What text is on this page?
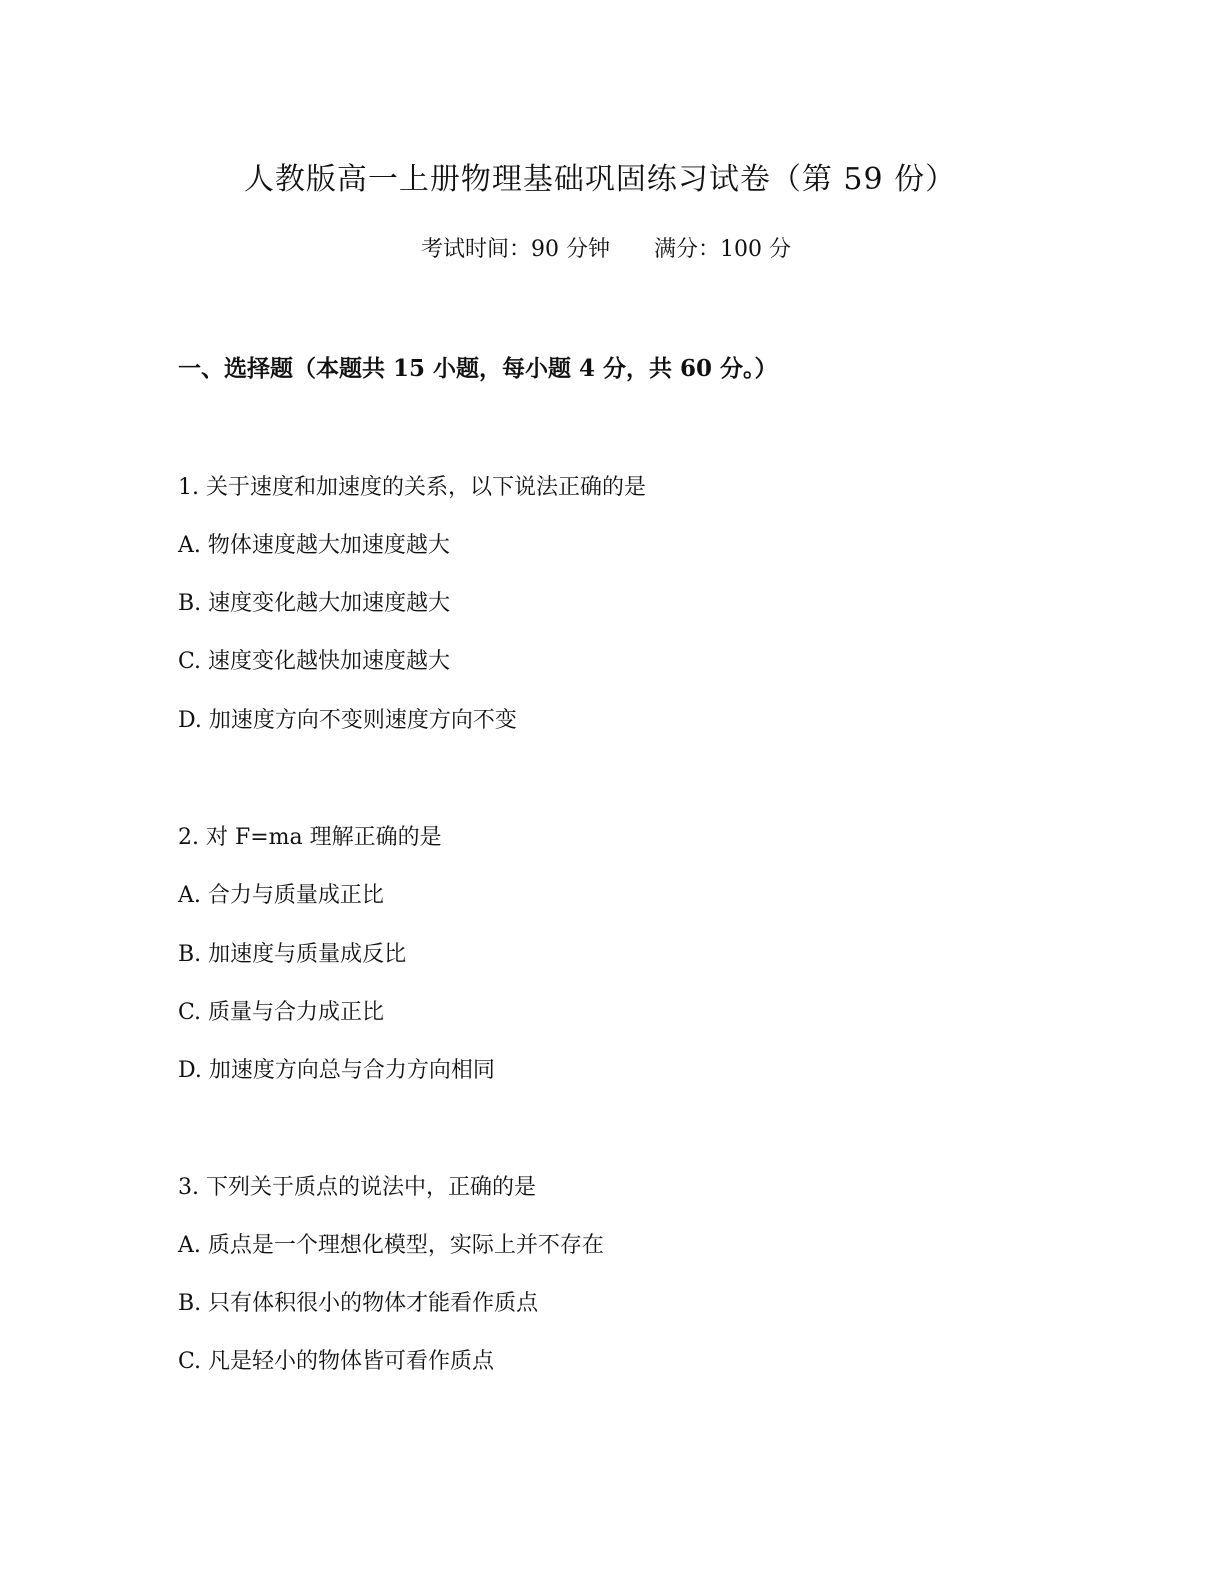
人教版高一上册物理基础巩固练习试卷（第 59 份）
考试时间：90 分钟 满分：100 分
一、选择题（本题共 15 小题，每小题 4 分，共 60 分。）
1. 关于速度和加速度的关系，以下说法正确的是
A. 物体速度越大加速度越大
B. 速度变化越大加速度越大
C. 速度变化越快加速度越大
D. 加速度方向不变则速度方向不变
2. 对 F=ma 理解正确的是
A. 合力与质量成正比
B. 加速度与质量成反比
C. 质量与合力成正比
D. 加速度方向总与合力方向相同
3. 下列关于质点的说法中，正确的是
A. 质点是一个理想化模型，实际上并不存在
B. 只有体积很小的物体才能看作质点
C. 凡是轻小的物体皆可看作质点
